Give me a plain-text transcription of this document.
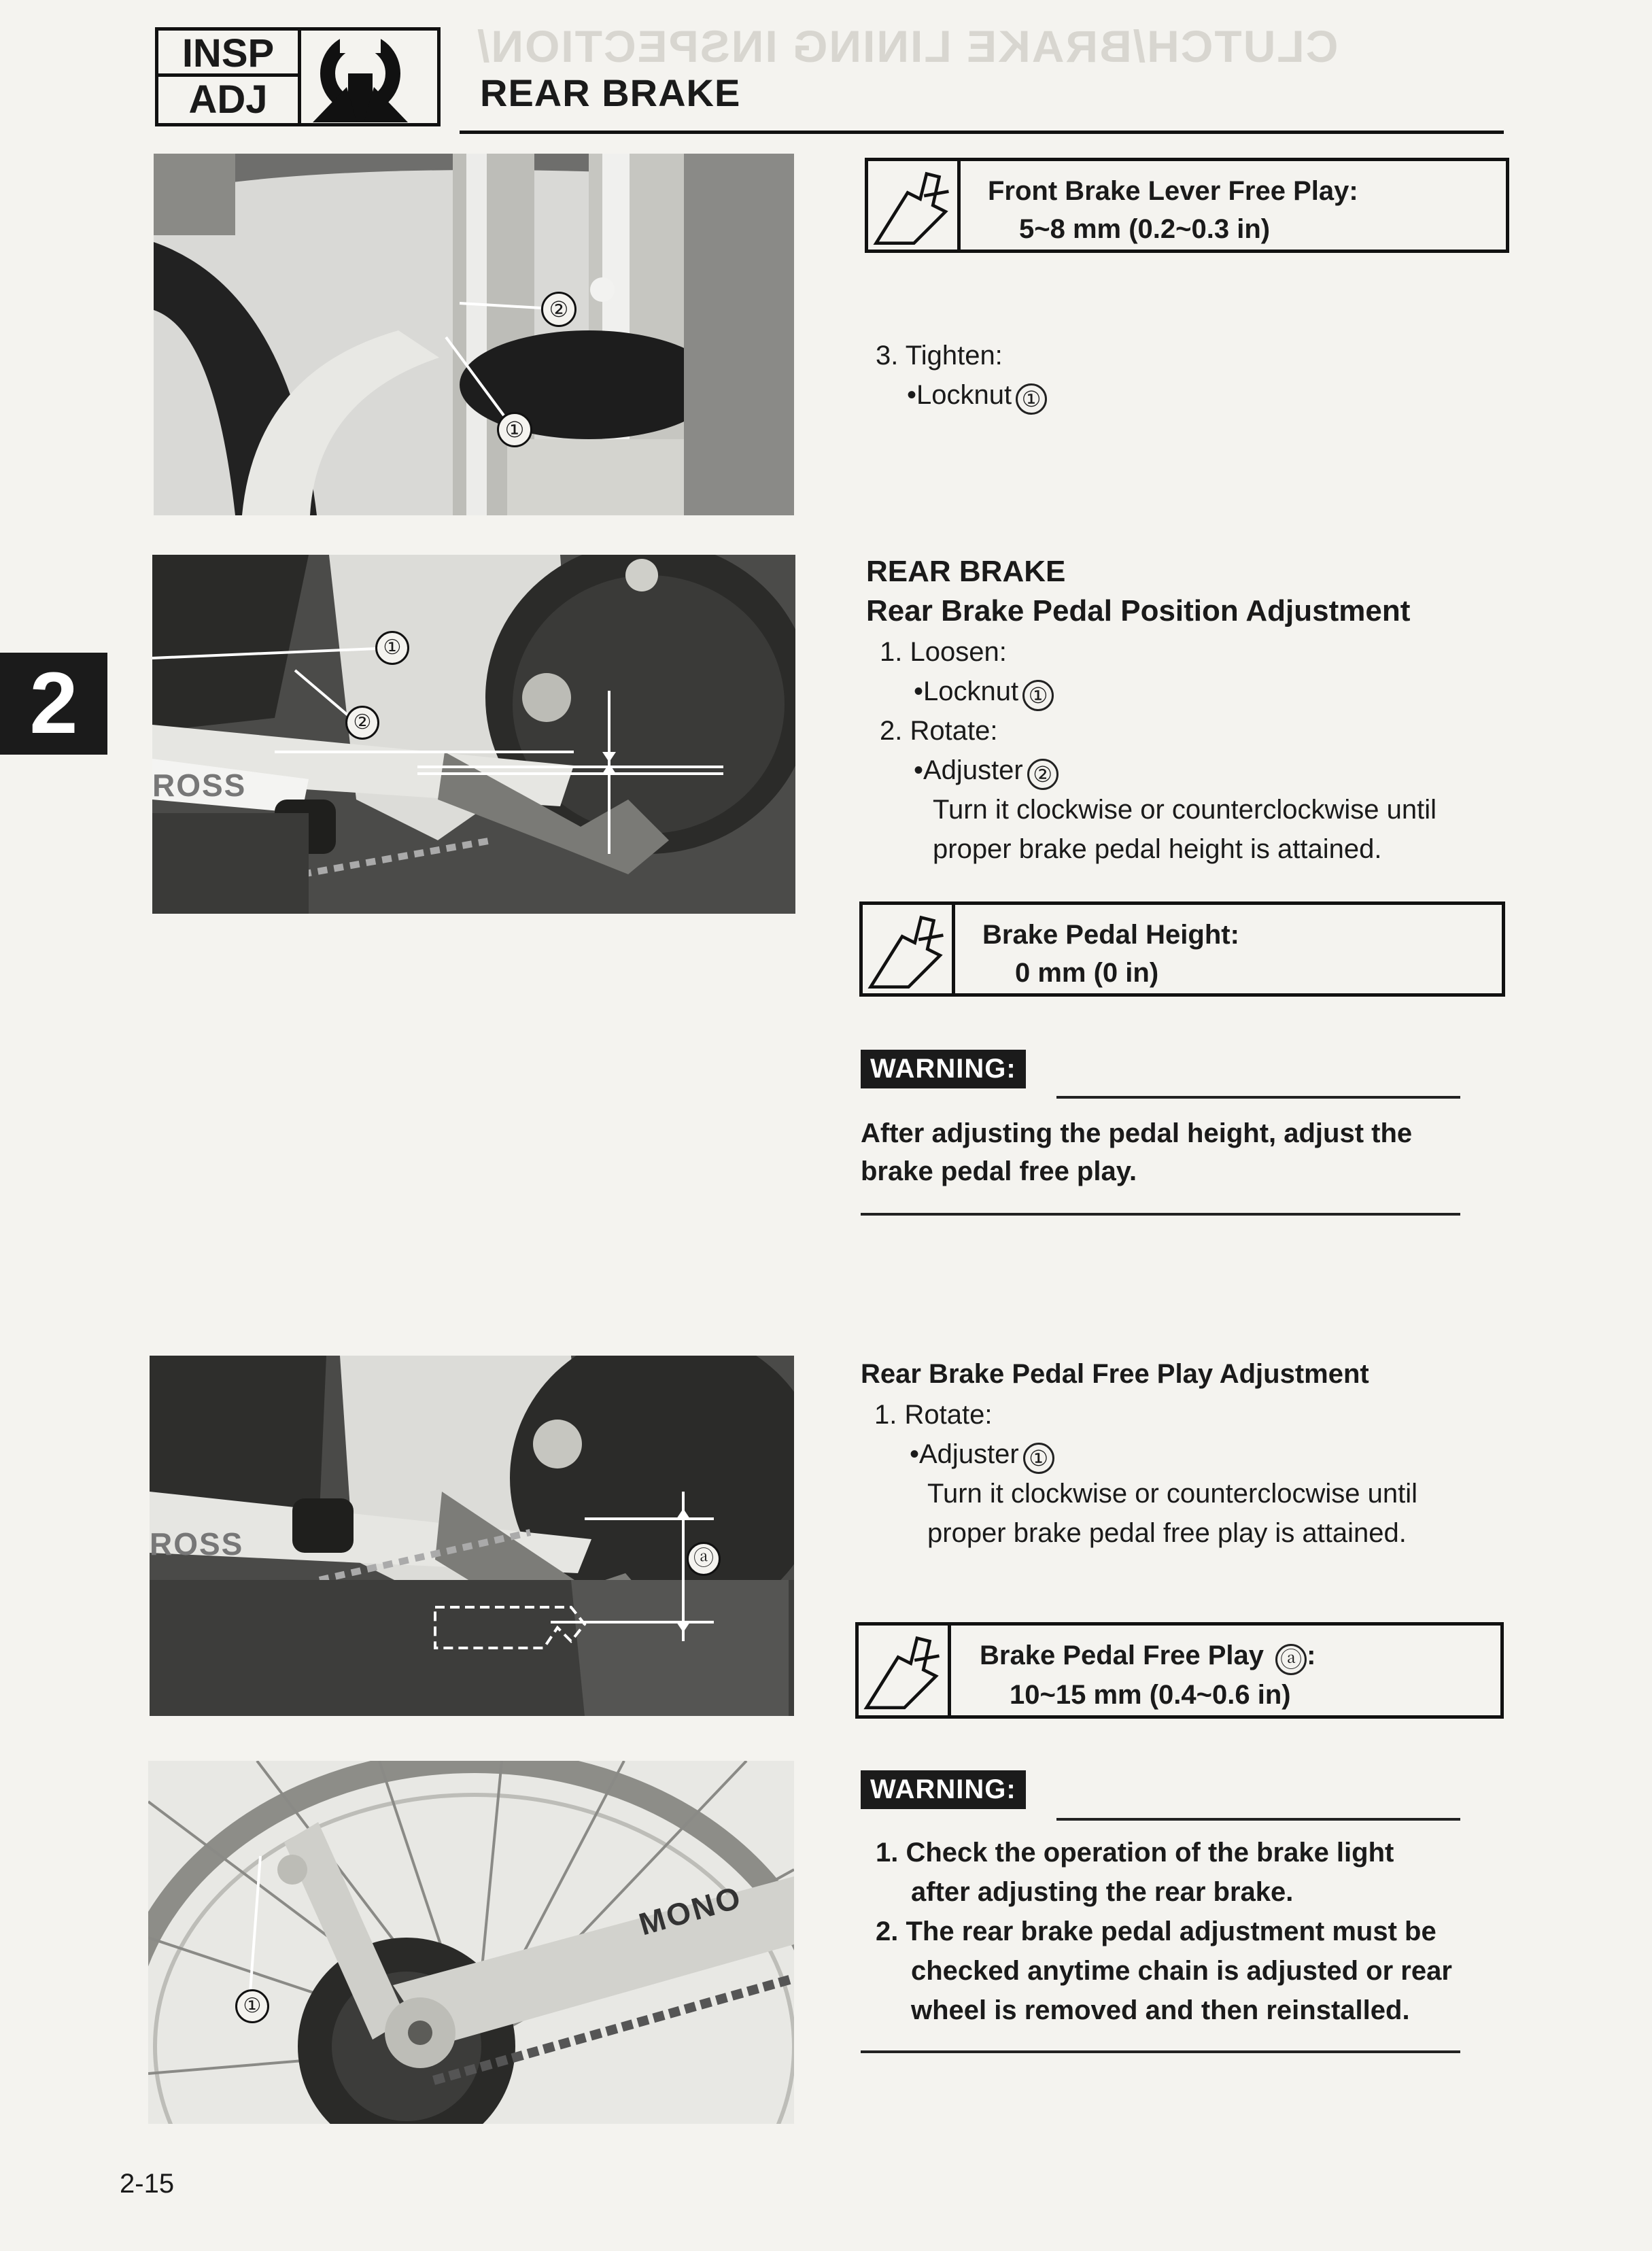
CLUTCH/BRAKE LINING INSPECTION/
INSP
ADJ	REAR BRAKE
2
①
②
ROSS
①
②
ROSS	ⓐ
MONO
①
Front Brake Lever Free Play:
5~8 mm (0.2~0.3 in)
3. Tighten:
•Locknut ①
REAR BRAKE
Rear Brake Pedal Position Adjustment
1. Loosen:
•Locknut ①
2. Rotate:
•Adjuster ②
Turn it clockwise or counterclockwise until
proper brake pedal height is attained.
Brake Pedal Height:
0 mm (0 in)
WARNING:
After adjusting the pedal height, adjust the
brake pedal free play.
Rear Brake Pedal Free Play Adjustment
1. Rotate:
•Adjuster ①
Turn it clockwise or counterclocwise until
proper brake pedal free play is attained.
Brake Pedal Free Play ⓐ :
10~15 mm (0.4~0.6 in)
WARNING:
1. Check the operation of the brake light
after adjusting the rear brake.
2. The rear brake pedal adjustment must be
checked anytime chain is adjusted or rear
wheel is removed and then reinstalled.
2-15
